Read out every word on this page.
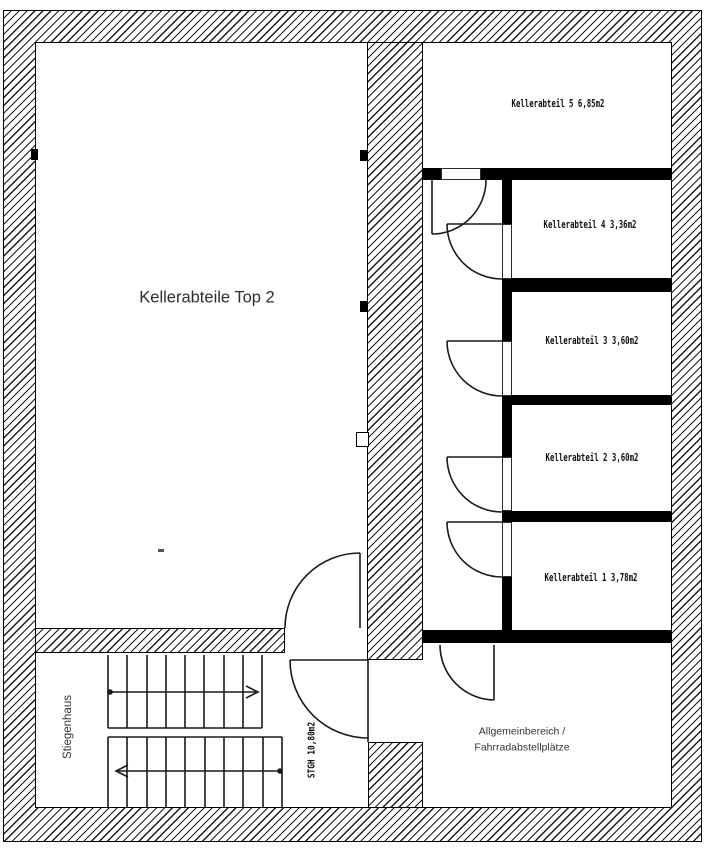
Kellerabteile Top 2
Kellerabteil 5 6,85m2
Kellerabteil 4 3,36m2
Kellerabteil 3 3,60m2
Kellerabteil 2 3,60m2
Kellerabteil 1 3,78m2
Allgemeinbereich /
Fahrradabstellplätze
Stiegenhaus	STGH 10,80m2
